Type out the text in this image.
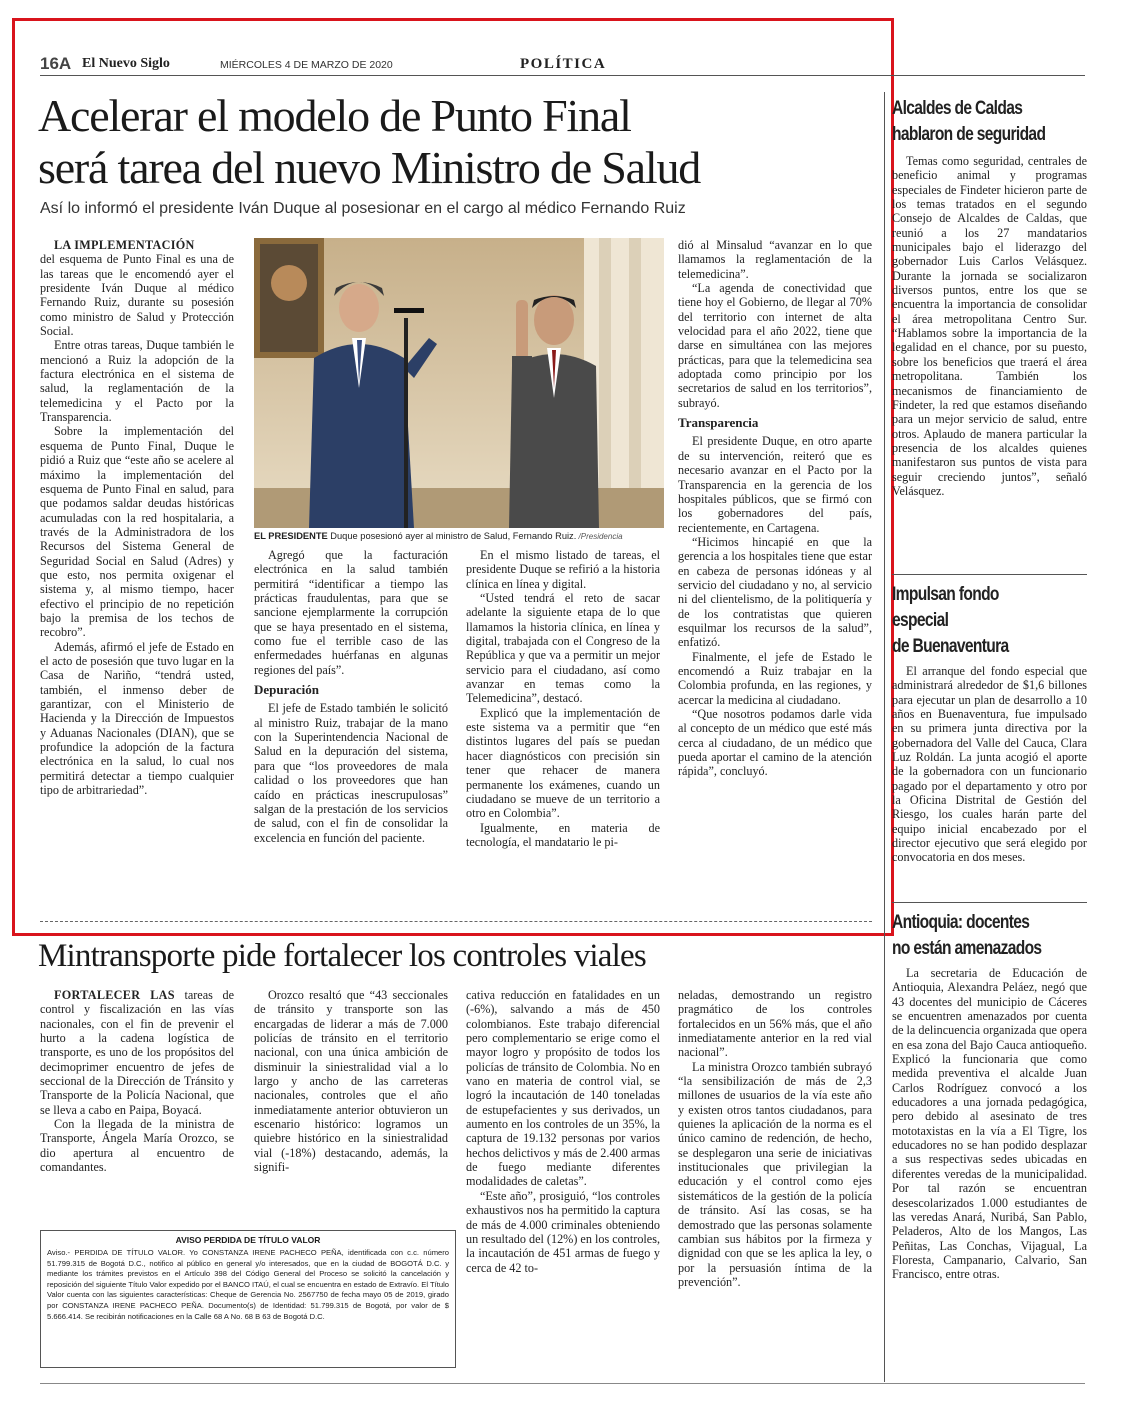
16A El Nuevo Siglo	MIÉRCOLES 4 DE MARZO DE 2020	POLÍTICA
Acelerar el modelo de Punto Final
será tarea del nuevo Ministro de Salud
Así lo informó el presidente Iván Duque al posesionar en el cargo al médico Fernando Ruiz

LA IMPLEMENTACIÓN

del esquema de Punto Final es una de las tareas que le encomendó ayer el presidente Iván Duque al médico Fernando Ruiz, durante su posesión como ministro de Salud y Protección Social.

Entre otras tareas, Duque también le mencionó a Ruiz la adopción de la factura electrónica en el sistema de salud, la reglamentación de la telemedicina y el Pacto por la Transparencia.

Sobre la implementación del esquema de Punto Final, Duque le pidió a Ruiz que “este año se acelere al máximo la implementación del esquema de Punto Final en salud, para que podamos saldar deudas históricas acumuladas con la red hospitalaria, a través de la Administradora de los Recursos del Sistema General de Seguridad Social en Salud (Adres) y que esto, nos permita oxigenar el sistema y, al mismo tiempo, hacer efectivo el principio de no repetición bajo la premisa de los techos de recobro”.

Además, afirmó el jefe de Estado en el acto de posesión que tuvo lugar en la Casa de Nariño, “tendrá usted, también, el inmenso deber de garantizar, con el Ministerio de Hacienda y la Dirección de Impuestos y Aduanas Nacionales (DIAN), que se profundice la adopción de la factura electrónica en la salud, lo cual nos permitirá detectar a tiempo cualquier tipo de arbitrariedad”.

EL PRESIDENTE Duque posesionó ayer al ministro de Salud, Fernando Ruiz. /Presidencia

Agregó que la facturación electrónica en la salud también permitirá “identificar a tiempo las prácticas fraudulentas, para que se sancione ejemplarmente la corrupción que se haya presentado en el sistema, como fue el terrible caso de las enfermedades huérfanas en algunas regiones del país”.

Depuración

El jefe de Estado también le solicitó al ministro Ruiz, trabajar de la mano con la Superintendencia Nacional de Salud en la depuración del sistema, para que “los proveedores de mala calidad o los proveedores que han caído en prácticas inescrupulosas” salgan de la prestación de los servicios de salud, con el fin de consolidar la excelencia en función del paciente.

En el mismo listado de tareas, el presidente Duque se refirió a la historia clínica en línea y digital.

“Usted tendrá el reto de sacar adelante la siguiente etapa de lo que llamamos la historia clínica, en línea y digital, trabajada con el Congreso de la República y que va a permitir un mejor servicio para el ciudadano, así como avanzar en temas como la Telemedicina”, destacó.

Explicó que la implementación de este sistema va a permitir que “en distintos lugares del país se puedan hacer diagnósticos con precisión sin tener que rehacer de manera permanente los exámenes, cuando un ciudadano se mueve de un territorio a otro en Colombia”.

Igualmente, en materia de tecnología, el mandatario le pi-

dió al Minsalud “avanzar en lo que llamamos la reglamentación de la telemedicina”.

“La agenda de conectividad que tiene hoy el Gobierno, de llegar al 70% del territorio con internet de alta velocidad para el año 2022, tiene que darse en simultánea con las mejores prácticas, para que la telemedicina sea adoptada como principio por los secretarios de salud en los territorios”, subrayó.

Transparencia

El presidente Duque, en otro aparte de su intervención, reiteró que es necesario avanzar en el Pacto por la Transparencia en la gerencia de los hospitales públicos, que se firmó con los gobernadores del país, recientemente, en Cartagena.

“Hicimos hincapié en que la gerencia a los hospitales tiene que estar en cabeza de personas idóneas y al servicio del ciudadano y no, al servicio ni del clientelismo, de la politiquería y de los contratistas que quieren esquilmar los recursos de la salud”, enfatizó.

Finalmente, el jefe de Estado le encomendó a Ruiz trabajar en la Colombia profunda, en las regiones, y acercar la medicina al ciudadano.

“Que nosotros podamos darle vida al concepto de un médico que esté más cerca al ciudadano, de un médico que pueda aportar el camino de la atención rápida”, concluyó.

Alcaldes de Caldas
hablaron de seguridad

Temas como seguridad, centrales de beneficio animal y programas especiales de Findeter hicieron parte de los temas tratados en el segundo Consejo de Alcaldes de Caldas, que reunió a los 27 mandatarios municipales bajo el liderazgo del gobernador Luis Carlos Velásquez. Durante la jornada se socializaron diversos puntos, entre los que se encuentra la importancia de consolidar el área metropolitana Centro Sur. “Hablamos sobre la importancia de la legalidad en el chance, por su puesto, sobre los beneficios que traerá el área metropolitana. También los mecanismos de financiamiento de Findeter, la red que estamos diseñando para un mejor servicio de salud, entre otros. Aplaudo de manera particular la presencia de los alcaldes quienes manifestaron sus puntos de vista para seguir creciendo juntos”, señaló Velásquez.

Impulsan fondo especial
de Buenaventura

El arranque del fondo especial que administrará alrededor de $1,6 billones para ejecutar un plan de desarrollo a 10 años en Buenaventura, fue impulsado en su primera junta directiva por la gobernadora del Valle del Cauca, Clara Luz Roldán. La junta acogió el aporte de la gobernadora con un funcionario pagado por el departamento y otro por la Oficina Distrital de Gestión del Riesgo, los cuales harán parte del equipo inicial encabezado por el director ejecutivo que será elegido por convocatoria en dos meses.

Antioquia: docentes
no están amenazados

La secretaria de Educación de Antioquia, Alexandra Peláez, negó que 43 docentes del municipio de Cáceres se encuentren amenazados por cuenta de la delincuencia organizada que opera en esa zona del Bajo Cauca antioqueño. Explicó la funcionaria que como medida preventiva el alcalde Juan Carlos Rodríguez convocó a los educadores a una jornada pedagógica, pero debido al asesinato de tres mototaxistas en la vía a El Tigre, los educadores no se han podido desplazar a sus respectivas sedes ubicadas en diferentes veredas de la municipalidad. Por tal razón se encuentran desescolarizados 1.000 estudiantes de las veredas Anará, Nuribá, San Pablo, Peladeros, Alto de los Mangos, Las Peñitas, Las Conchas, Vijagual, La Floresta, Campanario, Calvario, San Francisco, entre otras.

Mintransporte pide fortalecer los controles viales

FORTALECER LAS tareas de control y fiscalización en las vías nacionales, con el fin de prevenir el hurto a la cadena logística de transporte, es uno de los propósitos del decimoprimer encuentro de jefes de seccional de la Dirección de Tránsito y Transporte de la Policía Nacional, que se lleva a cabo en Paipa, Boyacá.

Con la llegada de la ministra de Transporte, Ángela María Orozco, se dio apertura al encuentro de comandantes.

Orozco resaltó que “43 seccionales de tránsito y transporte son las encargadas de liderar a más de 7.000 policías de tránsito en el territorio nacional, con una única ambición de disminuir la siniestralidad vial a lo largo y ancho de las carreteras nacionales, controles que el año inmediatamente anterior obtuvieron un escenario histórico: logramos un quiebre histórico en la siniestralidad vial (-18%) destacando, además, la signifi-

cativa reducción en fatalidades en un (-6%), salvando a más de 450 colombianos. Este trabajo diferencial pero complementario se erige como el mayor logro y propósito de todos los policías de tránsito de Colombia. No en vano en materia de control vial, se logró la incautación de 140 toneladas de estupefacientes y sus derivados, un aumento en los controles de un 35%, la captura de 19.132 personas por varios hechos delictivos y más de 2.400 armas de fuego mediante diferentes modalidades de caletas”.

“Este año”, prosiguió, “los controles exhaustivos nos ha permitido la captura de más de 4.000 criminales obteniendo un resultado del (12%) en los controles, la incautación de 451 armas de fuego y cerca de 42 to-

neladas, demostrando un registro pragmático de los controles fortalecidos en un 56% más, que el año inmediatamente anterior en la red vial nacional”.

La ministra Orozco también subrayó “la sensibilización de más de 2,3 millones de usuarios de la vía este año y existen otros tantos ciudadanos, para quienes la aplicación de la norma es el único camino de redención, de hecho, se desplegaron una serie de iniciativas institucionales que privilegian la educación y el control como ejes sistemáticos de la gestión de la policía de tránsito. Así las cosas, se ha demostrado que las personas solamente cambian sus hábitos por la firmeza y dignidad con que se les aplica la ley, o por la persuasión íntima de la prevención”.

AVISO PERDIDA DE TÍTULO VALOR
Aviso.- PERDIDA DE TÍTULO VALOR. Yo CONSTANZA IRENE PACHECO PEÑA, identificada con c.c. número 51.799.315 de Bogotá D.C., notifico al público en general y/o interesados, que en la ciudad de BOGOTÁ D.C. y mediante los trámites previstos en el Artículo 398 del Código General del Proceso se solicitó la cancelación y reposición del siguiente Título Valor expedido por el BANCO ITAÚ, el cual se encuentra en estado de Extravío. El Título Valor cuenta con las siguientes características: Cheque de Gerencia No. 2567750 de fecha mayo 05 de 2019, girado por CONSTANZA IRENE PACHECO PEÑA. Documento(s) de Identidad: 51.799.315 de Bogotá, por valor de $ 5.666.414. Se recibirán notificaciones en la Calle 68 A No. 68 B 63 de Bogotá D.C.
